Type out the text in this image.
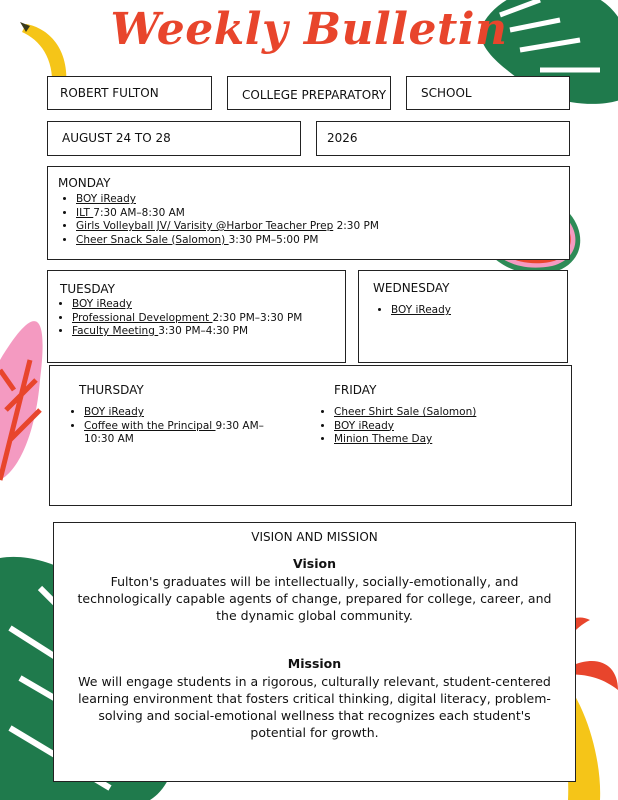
Weekly Bulletin
ROBERT FULTON	COLLEGE PREPARATORY	SCHOOL
AUGUST 24 TO 28	2026
MONDAY
• BOY iReady
• ILT 7:30 AM–8:30 AM
• Girls Volleyball JV/ Varisity @Harbor Teacher Prep 2:30 PM
• Cheer Snack Sale (Salomon) 3:30 PM–5:00 PM
TUESDAY
• BOY iReady
• Professional Development 2:30 PM–3:30 PM
• Faculty Meeting 3:30 PM–4:30 PM
WEDNESDAY
• BOY iReady
THURSDAY
• BOY iReady
• Coffee with the Principal 9:30 AM–10:30 AM
FRIDAY
• Cheer Shirt Sale (Salomon)
• BOY iReady
• Minion Theme Day
VISION AND MISSION
Vision
Fulton's graduates will be intellectually, socially-emotionally, and technologically capable agents of change, prepared for college, career, and the dynamic global community.
Mission
We will engage students in a rigorous, culturally relevant, student-centered learning environment that fosters critical thinking, digital literacy, problem-solving and social-emotional wellness that recognizes each student's potential for growth.
